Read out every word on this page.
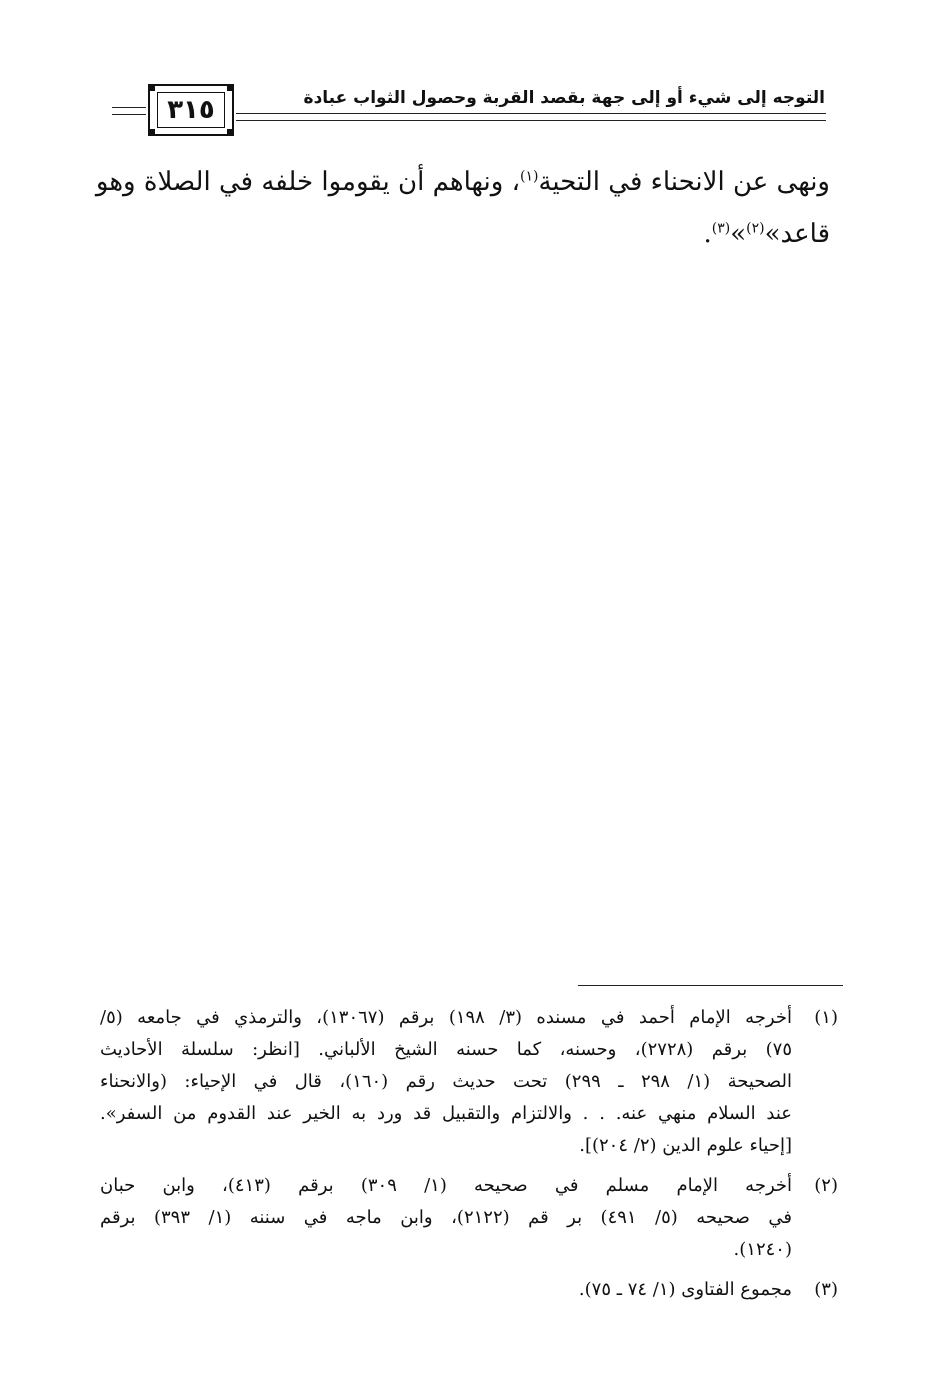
التوجه إلى شيء أو إلى جهة بقصد القربة وحصول الثواب عبادة
٣١٥
ونهى عن الانحناء في التحية$^{(١)}$، ونهاهم أن يقوموا خلفه في الصلاة وهو
قاعد»$^{(٢)}$»$^{(٣)}$.
(١)
أخرجه الإمام أحمد في مسنده (٣/ ١٩٨) برقم (١٣٠٦٧)، والترمذي في جامعه (٥/
٧٥) برقم (٢٧٢٨)، وحسنه، كما حسنه الشيخ الألباني. [انظر: سلسلة الأحاديث
الصحيحة (١/ ٢٩٨ ـ ٢٩٩) تحت حديث رقم (١٦٠)، قال في الإحياء: (والانحناء
عند السلام منهي عنه. . . والالتزام والتقبيل قد ورد به الخير عند القدوم من السفر».
[إحياء علوم الدين (٢/ ٢٠٤)].
(٢)
أخرجه الإمام مسلم في صحيحه (١/ ٣٠٩) برقم (٤١٣)، وابن حبان
في صحيحه (٥/ ٤٩١) بر قم (٢١٢٢)، وابن ماجه في سننه (١/ ٣٩٣) برقم
(١٢٤٠).
(٣)
مجموع الفتاوى (١/ ٧٤ ـ ٧٥).
